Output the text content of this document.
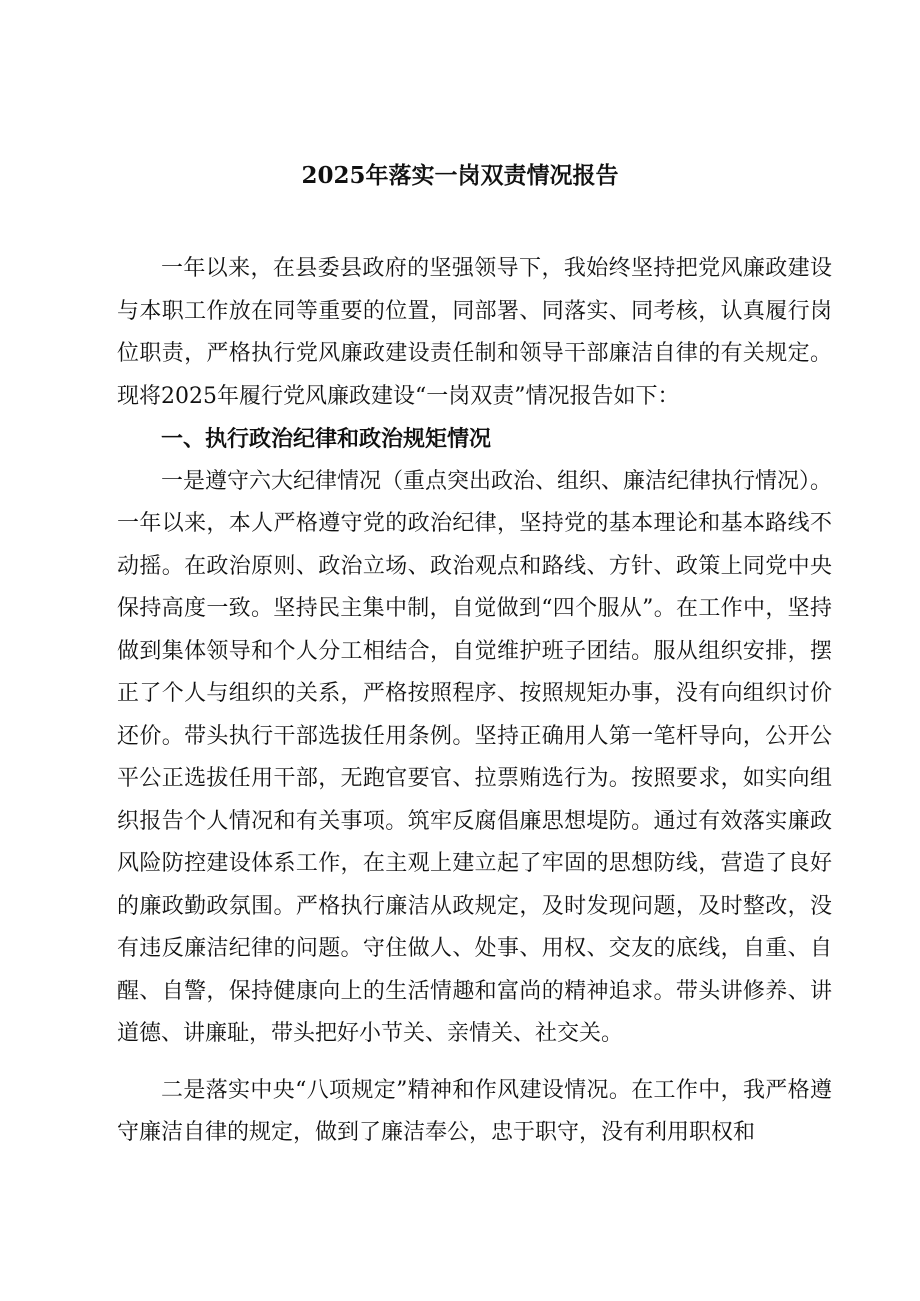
2025年落实一岗双责情况报告

一年以来，在县委县政府的坚强领导下，我始终坚持把党风廉政建设与本职工作放在同等重要的位置，同部署、同落实、同考核，认真履行岗位职责，严格执行党风廉政建设责任制和领导干部廉洁自律的有关规定。现将2025年履行党风廉政建设“一岗双责”情况报告如下：

一、执行政治纪律和政治规矩情况

一是遵守六大纪律情况（重点突出政治、组织、廉洁纪律执行情况）。一年以来，本人严格遵守党的政治纪律，坚持党的基本理论和基本路线不动摇。在政治原则、政治立场、政治观点和路线、方针、政策上同党中央保持高度一致。坚持民主集中制，自觉做到“四个服从”。在工作中，坚持做到集体领导和个人分工相结合，自觉维护班子团结。服从组织安排，摆正了个人与组织的关系，严格按照程序、按照规矩办事，没有向组织讨价还价。带头执行干部选拔任用条例。坚持正确用人第一笔杆导向，公开公平公正选拔任用干部，无跑官要官、拉票贿选行为。按照要求，如实向组织报告个人情况和有关事项。筑牢反腐倡廉思想堤防。通过有效落实廉政风险防控建设体系工作，在主观上建立起了牢固的思想防线，营造了良好的廉政勤政氛围。严格执行廉洁从政规定，及时发现问题，及时整改，没有违反廉洁纪律的问题。守住做人、处事、用权、交友的底线，自重、自醒、自警，保持健康向上的生活情趣和富尚的精神追求。带头讲修养、讲道德、讲廉耻，带头把好小节关、亲情关、社交关。

二是落实中央“八项规定”精神和作风建设情况。在工作中，我严格遵守廉洁自律的规定，做到了廉洁奉公，忠于职守，没有利用职权和
